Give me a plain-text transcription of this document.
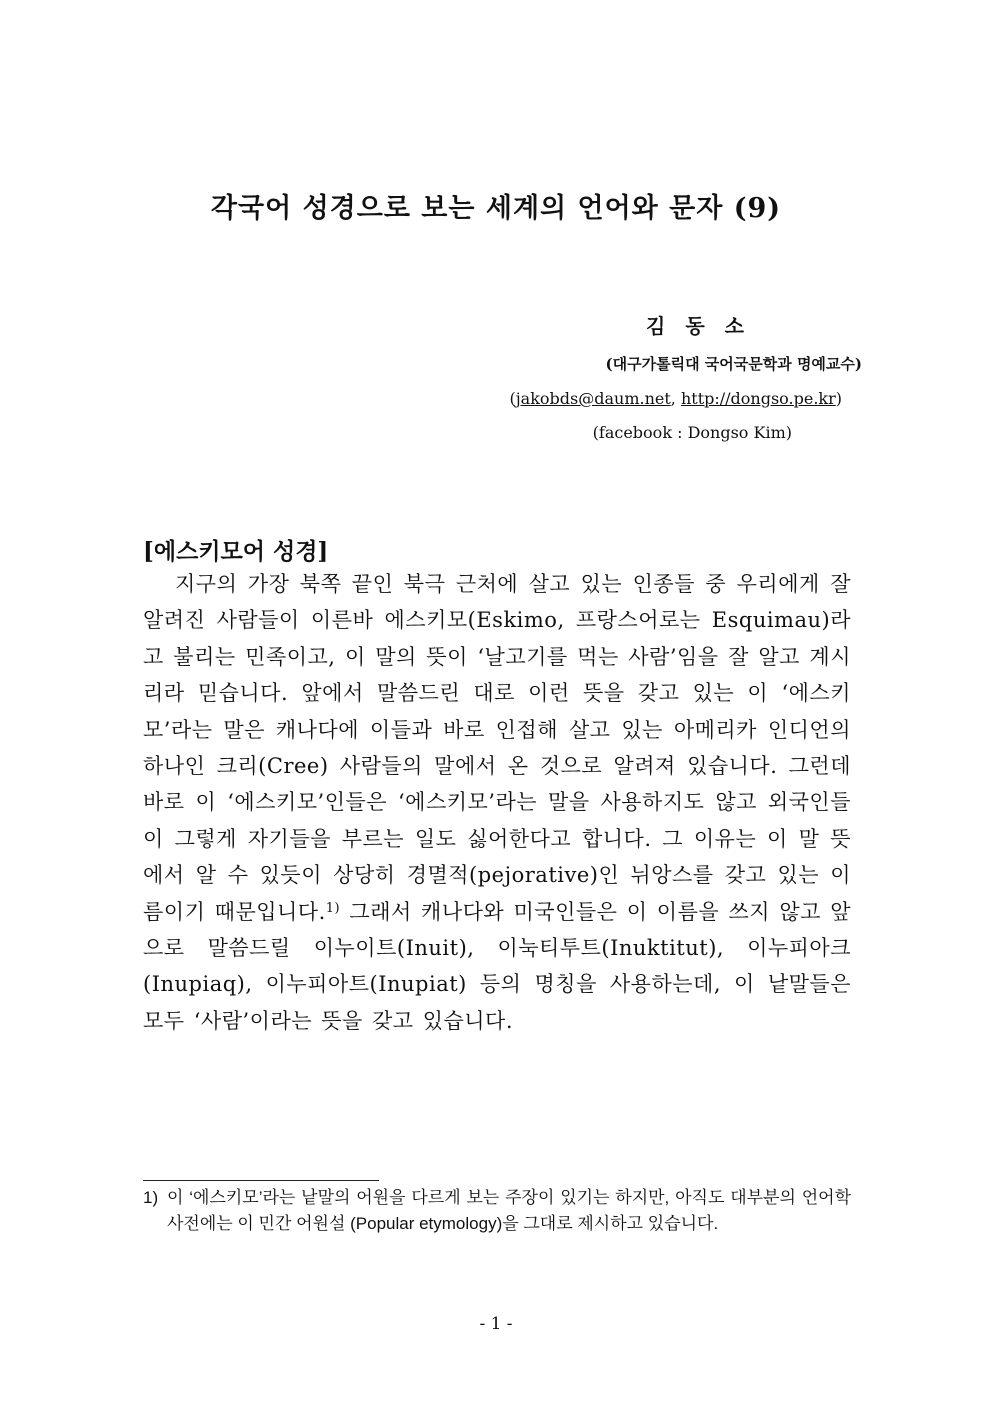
각국어 성경으로 보는 세계의 언어와 문자 (9)

김동소

(대구가톨릭대 국어국문학과 명예교수)

(jakobds@daum.net, http://dongso.pe.kr)

(facebook : Dongso Kim)

[에스키모어 성경]

지구의 가장 북쪽 끝인 북극 근처에 살고 있는 인종들 중 우리에게 잘 알려진 사람들이 이른바 에스키모(Eskimo, 프랑스어로는 Esquimau)라고 불리는 민족이고, 이 말의 뜻이 ‘날고기를 먹는 사람’임을 잘 알고 계시리라 믿습니다. 앞에서 말씀드린 대로 이런 뜻을 갖고 있는 이 ‘에스키모’라는 말은 캐나다에 이들과 바로 인접해 살고 있는 아메리카 인디언의 하나인 크리(Cree) 사람들의 말에서 온 것으로 알려져 있습니다. 그런데 바로 이 ‘에스키모’인들은 ‘에스키모’라는 말을 사용하지도 않고 외국인들이 그렇게 자기들을 부르는 일도 싫어한다고 합니다. 그 이유는 이 말 뜻에서 알 수 있듯이 상당히 경멸적(pejorative)인 뉘앙스를 갖고 있는 이름이기 때문입니다.$^{1)}$ 그래서 캐나다와 미국인들은 이 이름을 쓰지 않고 앞으로 말씀드릴 이누이트(Inuit), 이눅티투트(Inuktitut), 이누피아크(Inupiaq), 이누피아트(Inupiat) 등의 명칭을 사용하는데, 이 낱말들은 모두 ‘사람’이라는 뜻을 갖고 있습니다.

1) 이 ‘에스키모’라는 낱말의 어원을 다르게 보는 주장이 있기는 하지만, 아직도 대부분의 언어학 사전에는 이 민간 어원설 (Popular etymology)을 그대로 제시하고 있습니다.

- 1 -
